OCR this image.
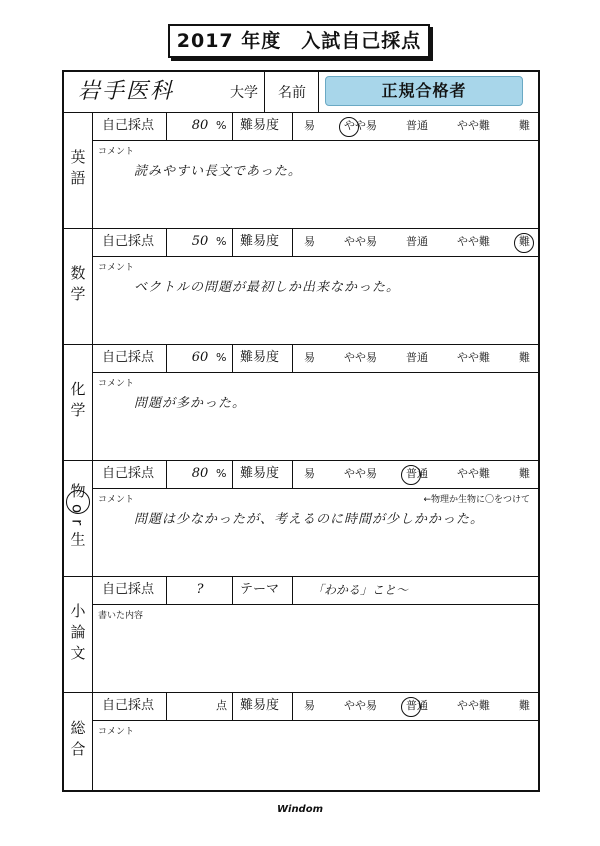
2017 年度　入試自己採点
岩手医科	大学 名前	正規合格者
英語
自己採点	80 % 難易度	易	やや易	普通	やや難	難
コメント
読みやすい長文であった。
数学
自己採点	50 % 難易度	易	やや易	普通	やや難	難
コメント
ベクトルの問題が最初しか出来なかった。
化学
自己採点	60 % 難易度	易	やや易	普通	やや難	難
コメント
問題が多かった。
物or生
自己採点	80 % 難易度	易	やや易	普通	やや難	難
コメント	←物理か生物に〇をつけて
問題は少なかったが、考えるのに時間が少しかかった。
小論文
自己採点	?	テーマ	「わかる」こと～
書いた内容
総合
自己採点	点 難易度	易	やや易	普通	やや難	難
コメント
Windom
